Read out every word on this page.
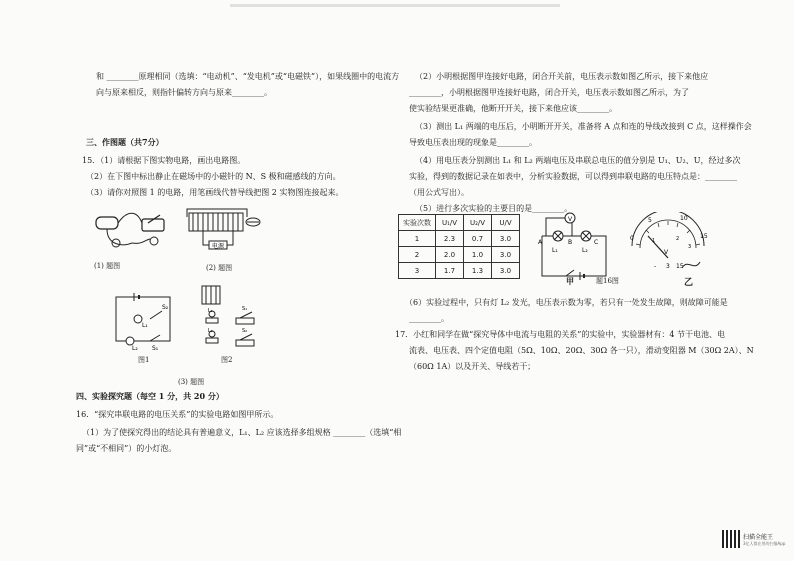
和 ________原理相同（选填：“电动机”、“发电机”或“电磁铁”），如果线圈中的电流方
向与原来相反，则指针偏转方向与原来________。
三、作图题（共7分）
15．（1）请根据下图实物电路，画出电路图。
（2）在下图中标出静止在磁场中的小磁针的 N、S 极和磁感线的方向。
（3）请你对照图 1 的电路，用笔画线代替导线把图 2 实物图连接起来。
(1) 题图	(2) 题图
(3) 题图
四、实验探究题（每空 1 分，共 20 分）
16．“探究串联电路的电压关系”的实验电路如图甲所示。
（1）为了使探究得出的结论具有普遍意义，L₁、L₂ 应该选择多组规格 ________（选填“相
同”或“不相同”）的小灯泡。
电源
S₂
L₁
L₂ S₁
图1
L₁
L₂
S₁
S₂
图2
（2）小明根据图甲连接好电路，闭合开关前，电压表示数如图乙所示，接下来他应
________，小明根据图甲连接好电路，闭合开关，电压表示数如图乙所示，为了
使实验结果更准确，他断开开关，接下来他应该________。
（3）测出 L₁ 两端的电压后，小明断开开关，准备将 A 点和连的导线改接到 C 点，这样操作会
导致电压表出现的现象是________。
（4）用电压表分别测出 L₁ 和 L₂ 两端电压及串联总电压的值分别是 U₁、U₂、U，经过多次
实验，得到的数据记录在如表中，分析实验数据，可以得到串联电路的电压特点是：________
（用公式写出）。
（5）进行多次实验的主要目的是________。
（6）实验过程中，只有灯 L₂ 发光，电压表示数为零，若只有一处发生故障，则故障可能是
________。
17．小红和同学在做“探究导体中电流与电阻的关系”的实验中，实验器材有：4 节干电池、电
流表、电压表、四个定值电阻（5Ω、10Ω、20Ω、30Ω 各一只），滑动变阻器 M（30Ω 2A）、N
（60Ω 1A）以及开关、导线若干；
实验次数	U₁/V	U₂/V	U/V
1	2.3	0.7	3.0
2	2.0	1.0	3.0
3	1.7	1.3	3.0
V
A	B	C
L₁	L₂
甲	题16图
0
5	10
15
1	2
3
V
- 3 15
乙
扫描全能王
3亿人都在用的扫描App
